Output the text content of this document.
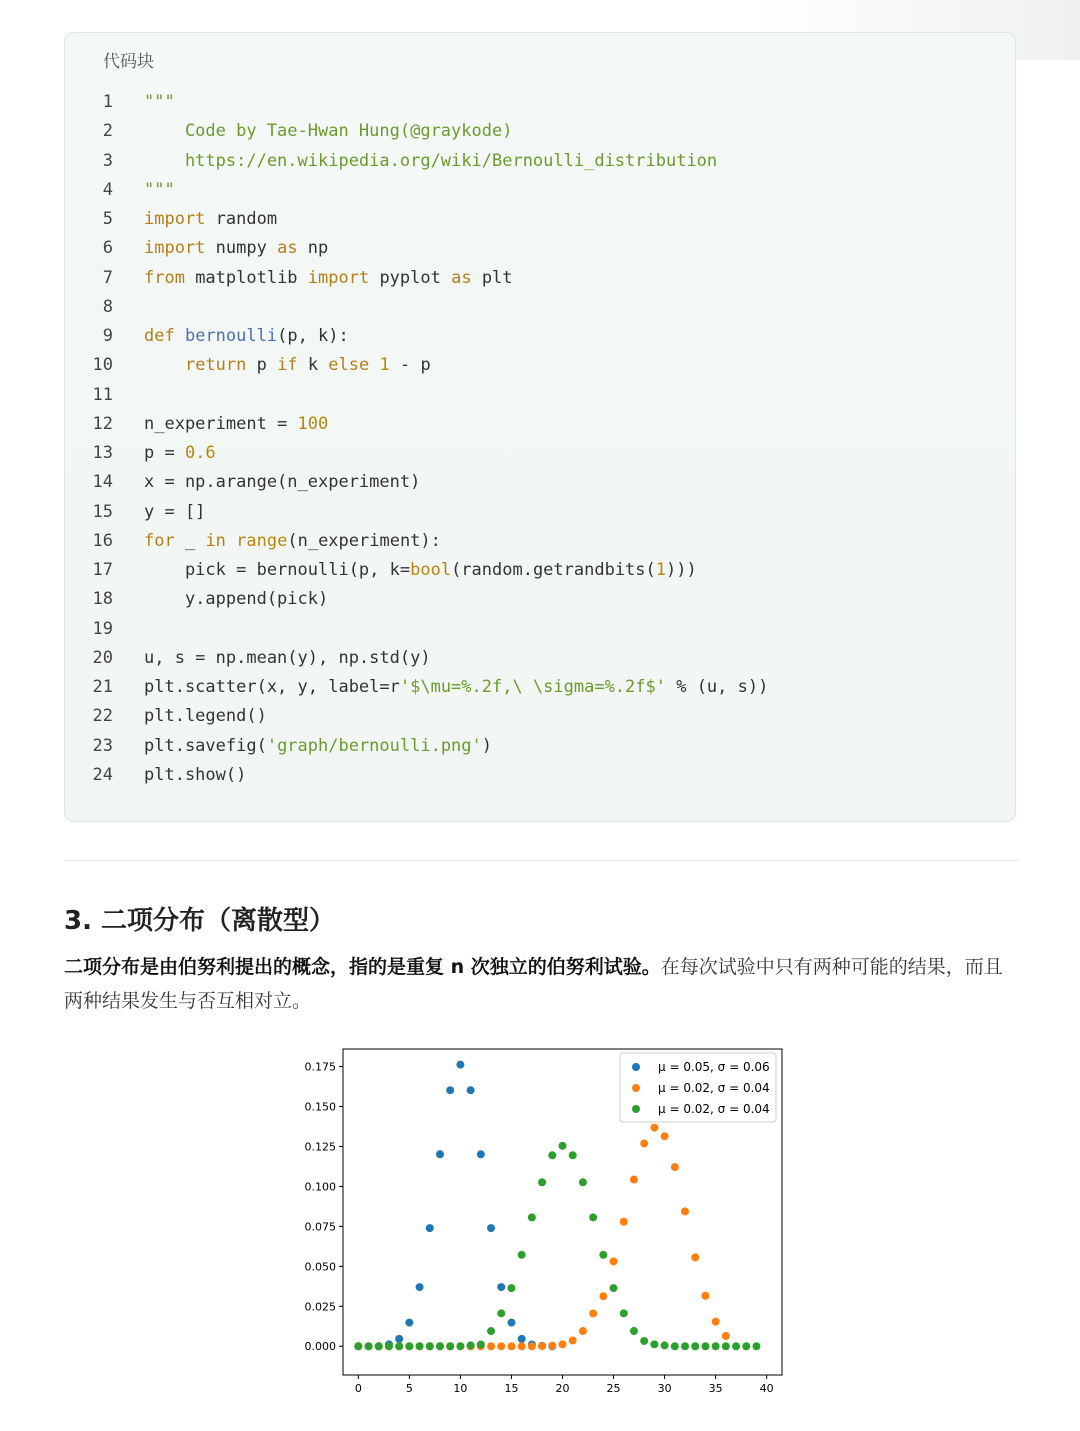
代码块
1 """
2 Code by Tae-Hwan Hung(@graykode)
3 https://en.wikipedia.org/wiki/Bernoulli_distribution
4 """
5 import random
6 import numpy as np
7 from matplotlib import pyplot as plt
8
9 def bernoulli(p, k):
10	return p if k else 1 - p
11
12 n_experiment = 100
13 p = 0.6
14 x = np.arange(n_experiment)
15 y = []
16 for _ in range(n_experiment):
17 pick = bernoulli(p, k=bool(random.getrandbits(1)))
18 y.append(pick)
19
20 u, s = np.mean(y), np.std(y)
21 plt.scatter(x, y, label=r'$\mu=%.2f,\ \sigma=%.2f$' % (u, s))
22 plt.legend()
23 plt.savefig('graph/bernoulli.png')
24 plt.show()
3. 二项分布（离散型）
二项分布是由伯努利提出的概念，指的是重复 n 次独立的伯努利试验。在每次试验中只有两种可能的结果，而且两种结果发生与否互相对立。
0.000
0.025
0.050
0.075
0.100
0.125
0.150
0.175
0	5	10	15	20	25	30	35	40
μ = 0.05, σ = 0.06
μ = 0.02, σ = 0.04
μ = 0.02, σ = 0.04
